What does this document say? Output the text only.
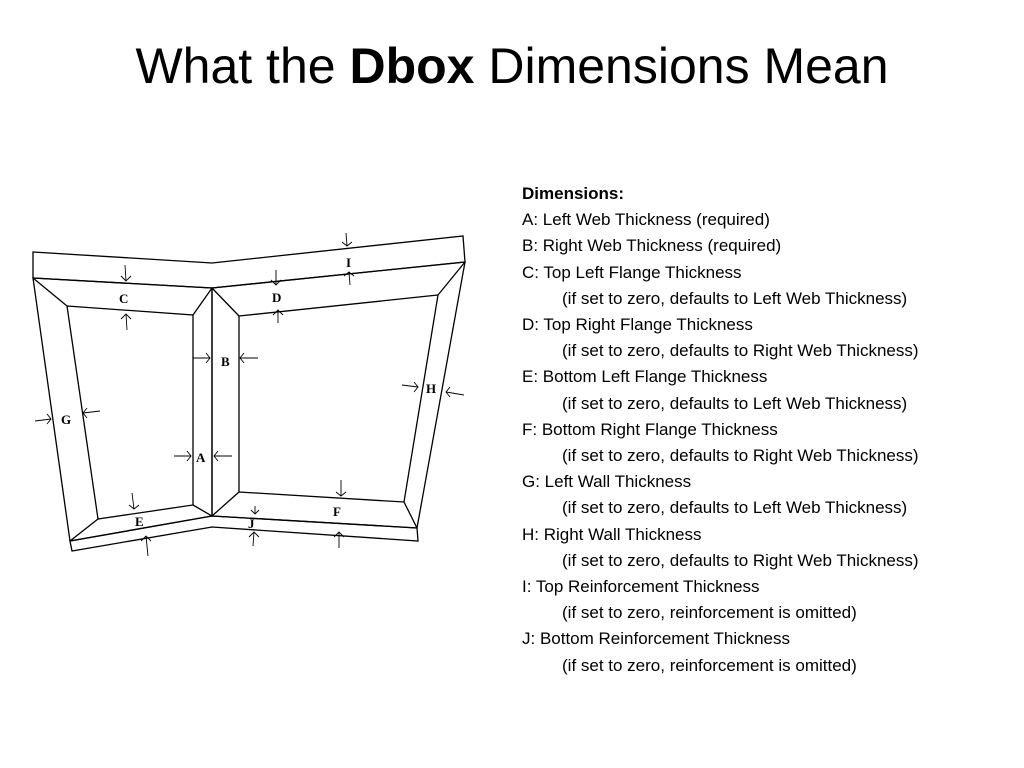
What the Dbox Dimensions Mean
C	D
I
B
A
G
H
E
F
J
Dimensions:
A: Left Web Thickness (required)
B: Right Web Thickness (required)
C: Top Left Flange Thickness
(if set to zero, defaults to Left Web Thickness)
D: Top Right Flange Thickness
(if set to zero, defaults to Right Web Thickness)
E: Bottom Left Flange Thickness
(if set to zero, defaults to Left Web Thickness)
F: Bottom Right Flange Thickness
(if set to zero, defaults to Right Web Thickness)
G: Left Wall Thickness
(if set to zero, defaults to Left Web Thickness)
H: Right Wall Thickness
(if set to zero, defaults to Right Web Thickness)
I: Top Reinforcement Thickness
(if set to zero, reinforcement is omitted)
J: Bottom Reinforcement Thickness
(if set to zero, reinforcement is omitted)
